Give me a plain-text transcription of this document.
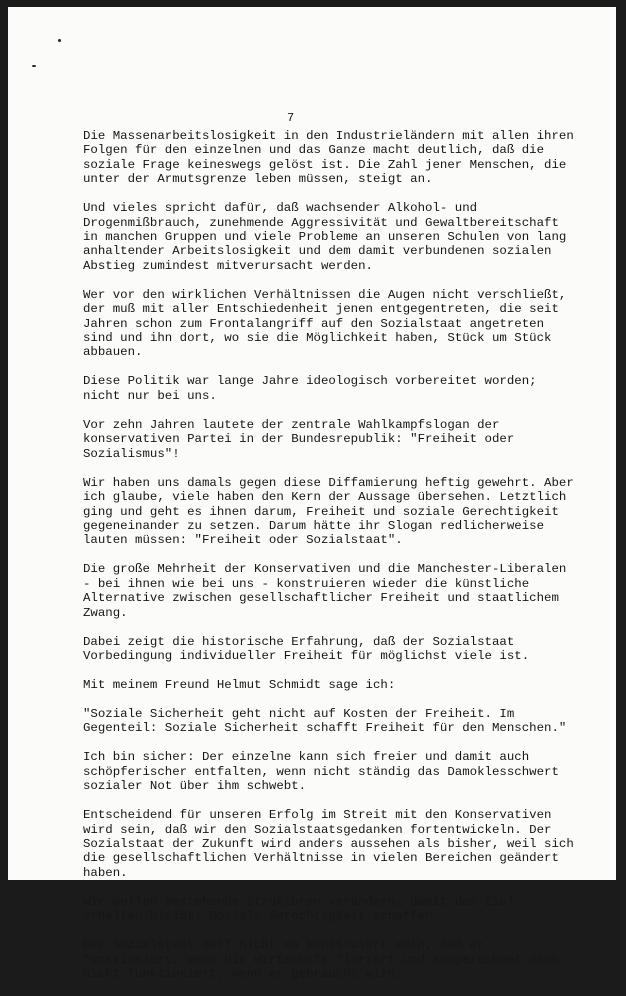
7

Die Massenarbeitslosigkeit in den Industrieländern mit allen ihren
Folgen für den einzelnen und das Ganze macht deutlich, daß die
soziale Frage keineswegs gelöst ist. Die Zahl jener Menschen, die
unter der Armutsgrenze leben müssen, steigt an.

Und vieles spricht dafür, daß wachsender Alkohol- und
Drogenmißbrauch, zunehmende Aggressivität und Gewaltbereitschaft
in manchen Gruppen und viele Probleme an unseren Schulen von lang
anhaltender Arbeitslosigkeit und dem damit verbundenen sozialen
Abstieg zumindest mitverursacht werden.

Wer vor den wirklichen Verhältnissen die Augen nicht verschließt,
der muß mit aller Entschiedenheit jenen entgegentreten, die seit
Jahren schon zum Frontalangriff auf den Sozialstaat angetreten
sind und ihn dort, wo sie die Möglichkeit haben, Stück um Stück
abbauen.

Diese Politik war lange Jahre ideologisch vorbereitet worden;
nicht nur bei uns.

Vor zehn Jahren lautete der zentrale Wahlkampfslogan der
konservativen Partei in der Bundesrepublik: "Freiheit oder
Sozialismus"!

Wir haben uns damals gegen diese Diffamierung heftig gewehrt. Aber
ich glaube, viele haben den Kern der Aussage übersehen. Letztlich
ging und geht es ihnen darum, Freiheit und soziale Gerechtigkeit
gegeneinander zu setzen. Darum hätte ihr Slogan redlicherweise
lauten müssen: "Freiheit oder Sozialstaat".

Die große Mehrheit der Konservativen und die Manchester-Liberalen
- bei ihnen wie bei uns - konstruieren wieder die künstliche
Alternative zwischen gesellschaftlicher Freiheit und staatlichem
Zwang.

Dabei zeigt die historische Erfahrung, daß der Sozialstaat
Vorbedingung individueller Freiheit für möglichst viele ist.

Mit meinem Freund Helmut Schmidt sage ich:

"Soziale Sicherheit geht nicht auf Kosten der Freiheit. Im
Gegenteil: Soziale Sicherheit schafft Freiheit für den Menschen."

Ich bin sicher: Der einzelne kann sich freier und damit auch
schöpferischer entfalten, wenn nicht ständig das Damoklesschwert
sozialer Not über ihm schwebt.

Entscheidend für unseren Erfolg im Streit mit den Konservativen
wird sein, daß wir den Sozialstaatsgedanken fortentwickeln. Der
Sozialstaat der Zukunft wird anders aussehen als bisher, weil sich
die gesellschaftlichen Verhältnisse in vielen Bereichen geändert
haben.

Wir wollen bestehende Strukturen verändern, damit das Ziel
erhalten bleibt: Soziale Gerechtigkeit schaffen.

Der Sozialstaat darf nicht so konstruiert sein, daß er
funktioniert, wenn die Wirtschaft floriert und ausgerechnet dann
nicht funktioniert, wenn er gebraucht wird.
